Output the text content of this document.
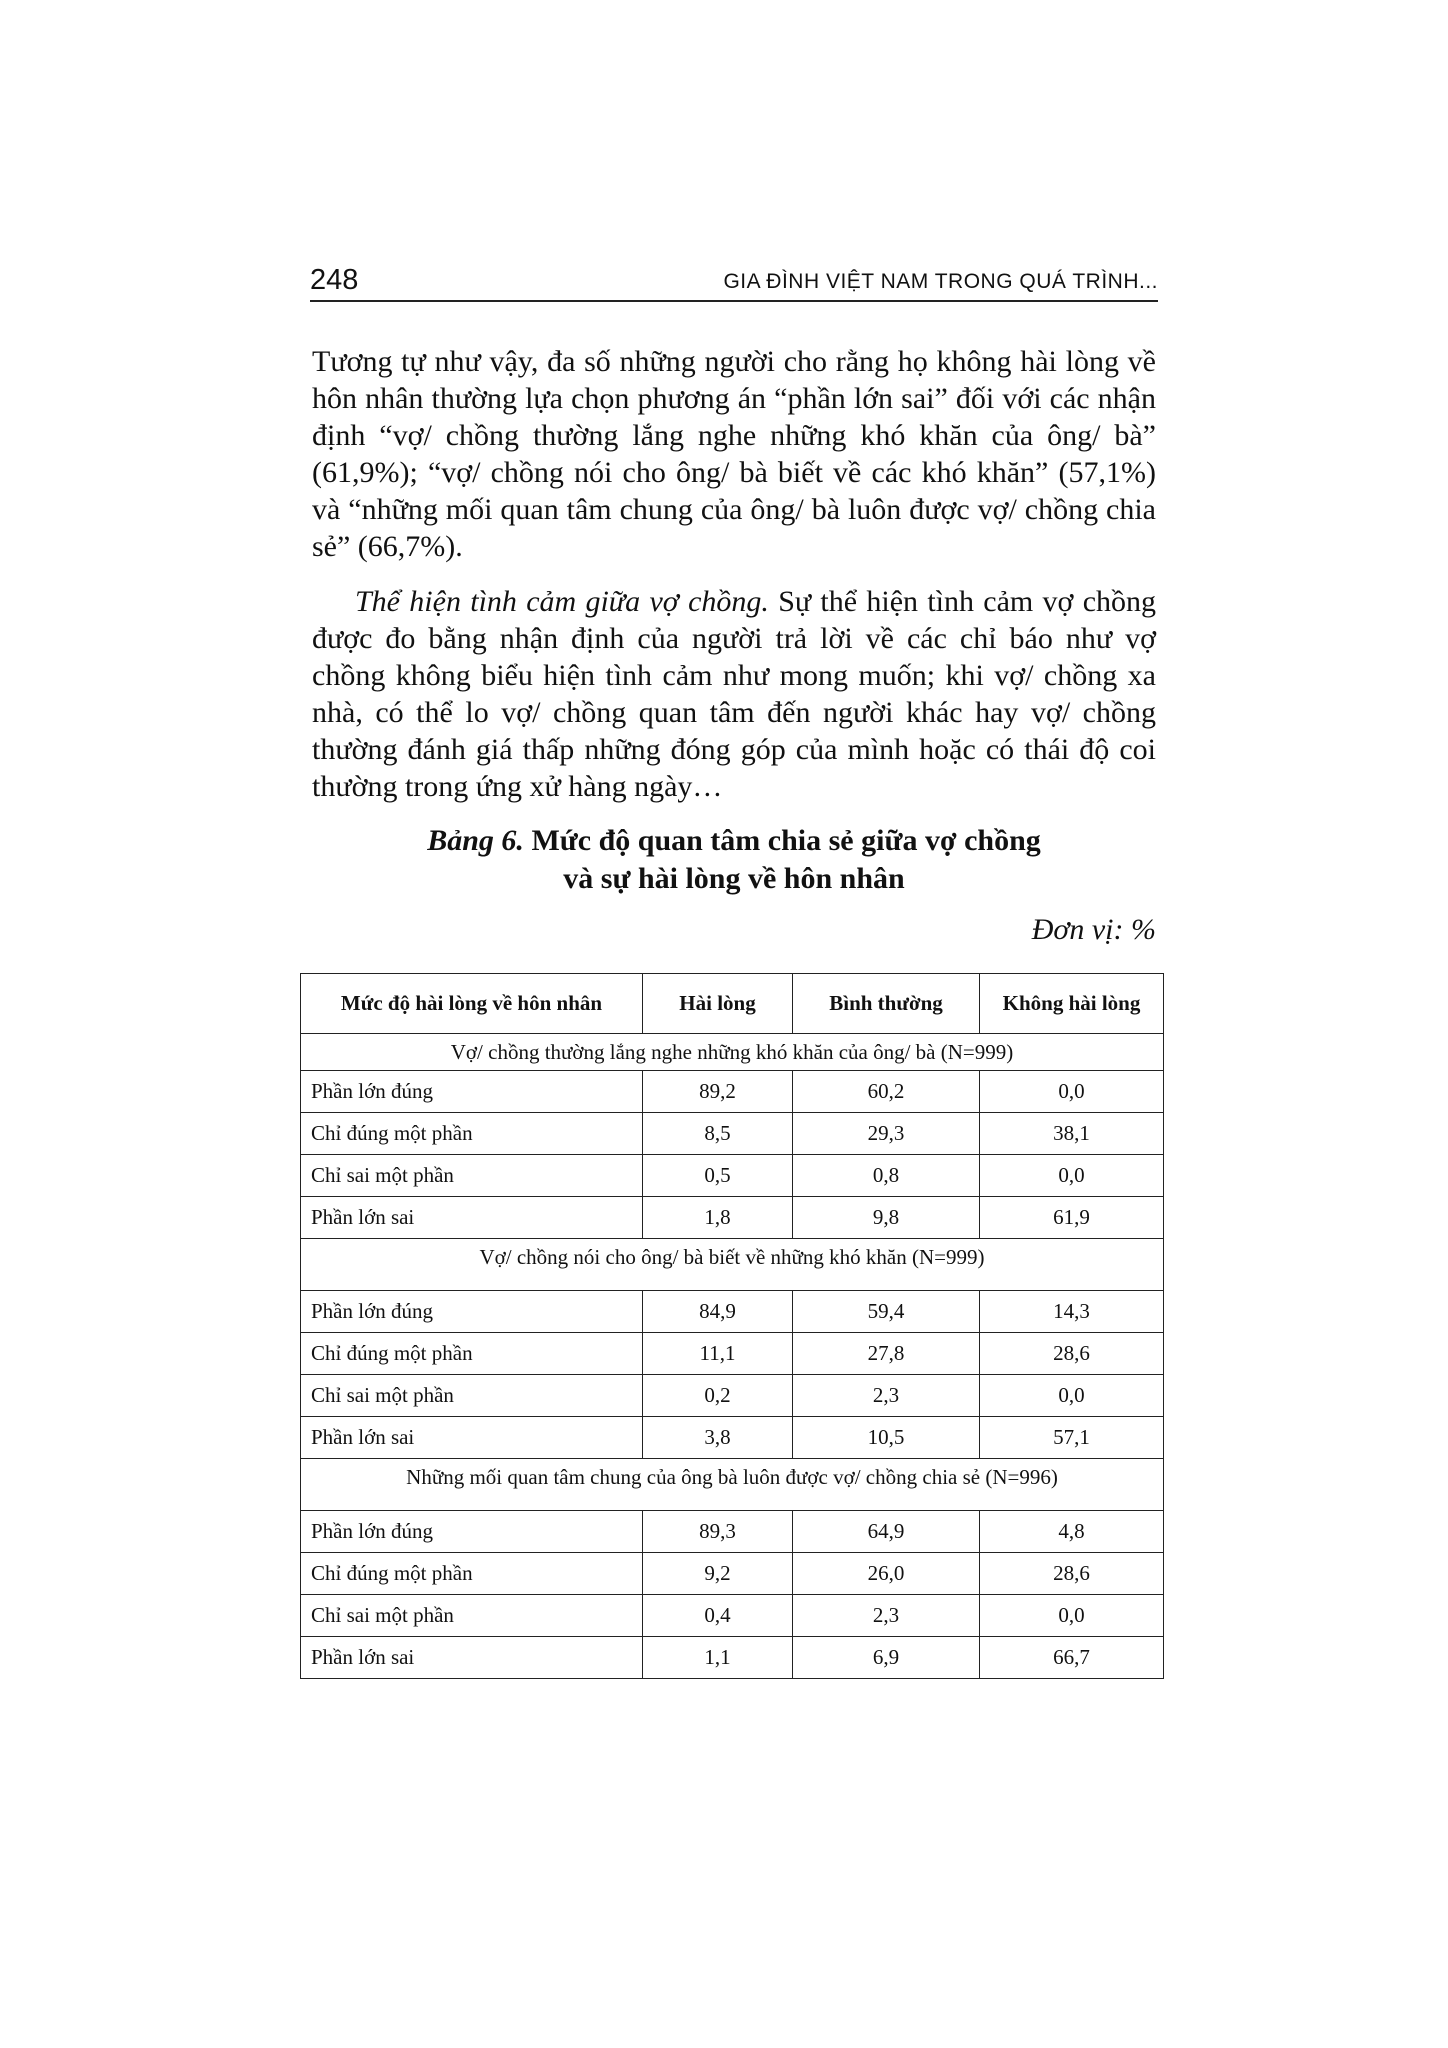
248	GIA ĐÌNH VIỆT NAM TRONG QUÁ TRÌNH...

Tương tự như vậy, đa số những người cho rằng họ không hài lòng về hôn nhân thường lựa chọn phương án “phần lớn sai” đối với các nhận định “vợ/ chồng thường lắng nghe những khó khăn của ông/ bà” (61,9%); “vợ/ chồng nói cho ông/ bà biết về các khó khăn” (57,1%) và “những mối quan tâm chung của ông/ bà luôn được vợ/ chồng chia sẻ” (66,7%).

Thể hiện tình cảm giữa vợ chồng. Sự thể hiện tình cảm vợ chồng được đo bằng nhận định của người trả lời về các chỉ báo như vợ chồng không biểu hiện tình cảm như mong muốn; khi vợ/ chồng xa nhà, có thể lo vợ/ chồng quan tâm đến người khác hay vợ/ chồng thường đánh giá thấp những đóng góp của mình hoặc có thái độ coi thường trong ứng xử hàng ngày…

Bảng 6. Mức độ quan tâm chia sẻ giữa vợ chồng
và sự hài lòng về hôn nhân
Đơn vị: %
Mức độ hài lòng về hôn nhân	Hài lòng	Bình thường	Không hài lòng
Vợ/ chồng thường lắng nghe những khó khăn của ông/ bà (N=999)			
Phần lớn đúng	89,2	60,2	0,0
Chỉ đúng một phần	8,5	29,3	38,1
Chỉ sai một phần	0,5	0,8	0,0
Phần lớn sai	1,8	9,8	61,9
Vợ/ chồng nói cho ông/ bà biết về những khó khăn (N=999)			
Phần lớn đúng	84,9	59,4	14,3
Chỉ đúng một phần	11,1	27,8	28,6
Chỉ sai một phần	0,2	2,3	0,0
Phần lớn sai	3,8	10,5	57,1
Những mối quan tâm chung của ông bà luôn được vợ/ chồng chia sẻ (N=996)			
Phần lớn đúng	89,3	64,9	4,8
Chỉ đúng một phần	9,2	26,0	28,6
Chỉ sai một phần	0,4	2,3	0,0
Phần lớn sai	1,1	6,9	66,7
